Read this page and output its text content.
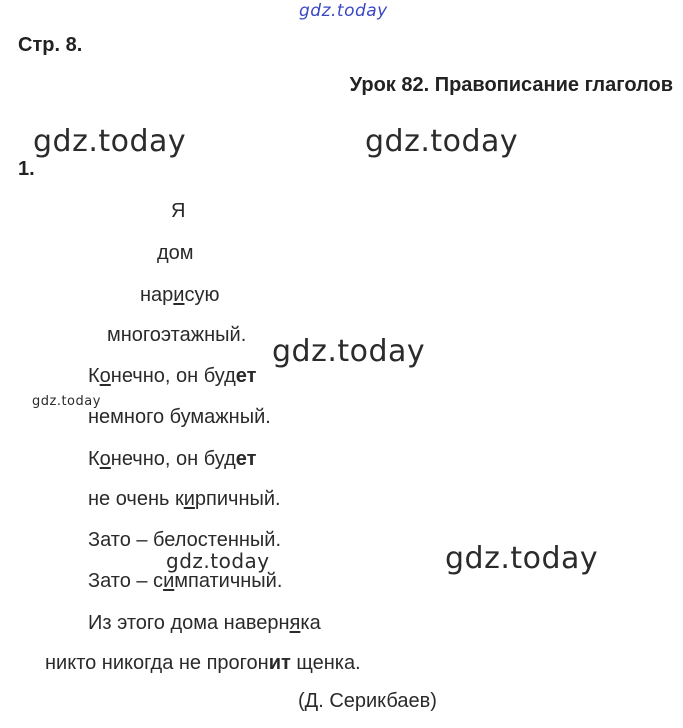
gdz.today
gdz.today	gdz.today
gdz.today
gdz.today
gdz.today	gdz.today
Стр. 8.
Урок 82. Правописание глаголов
1.
Я
дом
нарисую
многоэтажный.
Конечно, он будет
немного бумажный.
Конечно, он будет
не очень кирпичный.
Зато – белостенный.
Зато – симпатичный.
Из этого дома наверняка
никто никогда не прогонит щенка.
(Д. Серикбаев)
